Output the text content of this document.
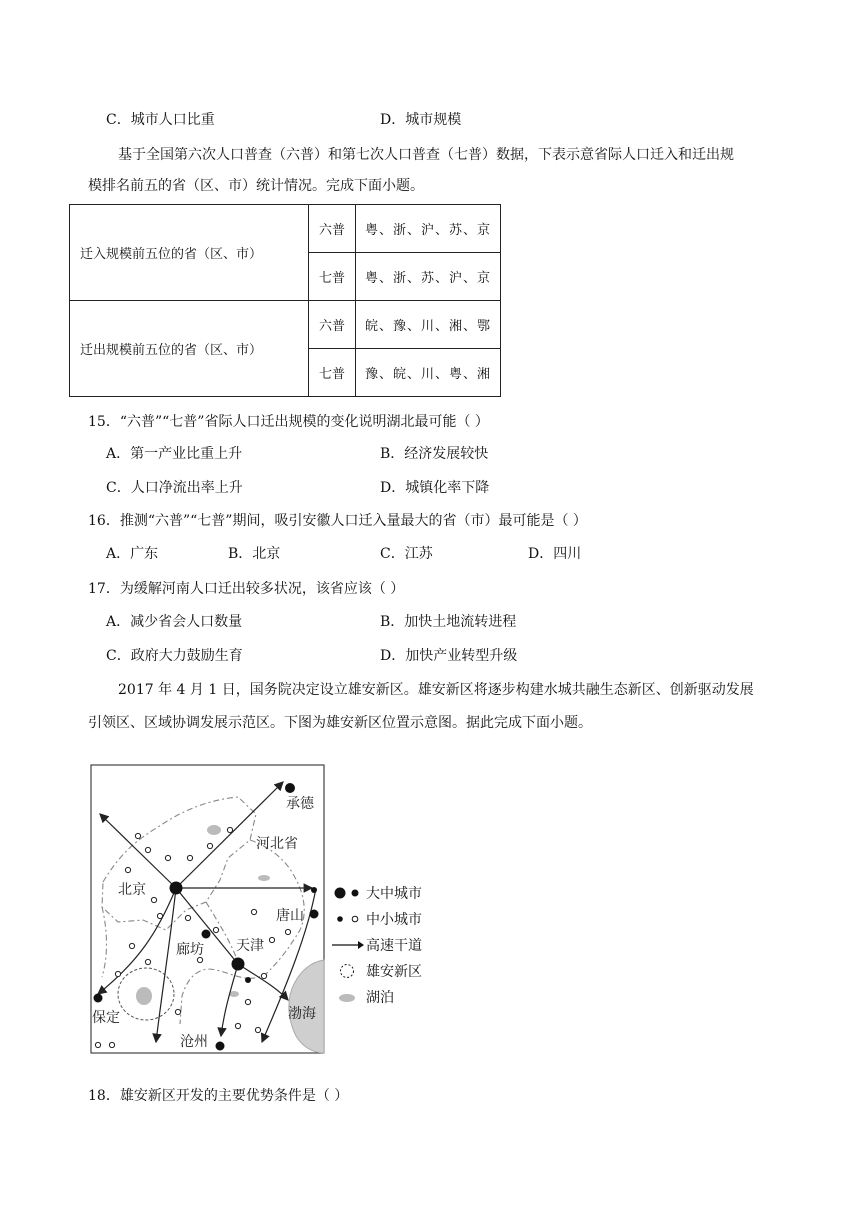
C．城市人口比重	D．城市规模
基于全国第六次人口普查（六普）和第七次人口普查（七普）数据，下表示意省际人口迁入和迁出规
模排名前五的省（区、市）统计情况。完成下面小题。
迁入规模前五位的省（区、市）	六普	粤、浙、沪、苏、京
	七普	粤、浙、苏、沪、京
迁出规模前五位的省（区、市）	六普	皖、豫、川、湘、鄂
	七普	豫、皖、川、粤、湘
15．“六普”“七普”省际人口迁出规模的变化说明湖北最可能（ ）
A．第一产业比重上升	B．经济发展较快
C．人口净流出率上升	D．城镇化率下降
16．推测“六普”“七普”期间，吸引安徽人口迁入量最大的省（市）最可能是（ ）
A．广东	B．北京	C．江苏	D．四川
17．为缓解河南人口迁出较多状况，该省应该（ ）
A．减少省会人口数量	B．加快土地流转进程
C．政府大力鼓励生育	D．加快产业转型升级
2017 年 4 月 1 日，国务院决定设立雄安新区。雄安新区将逐步构建水城共融生态新区、创新驱动发展
引领区、区域协调发展示范区。下图为雄安新区位置示意图。据此完成下面小题。
承德
河北省
北京
唐山
廊坊 天津
渤海
保定
沧州
大中城市
中小城市
高速干道
雄安新区
湖泊
18．雄安新区开发的主要优势条件是（ ）
